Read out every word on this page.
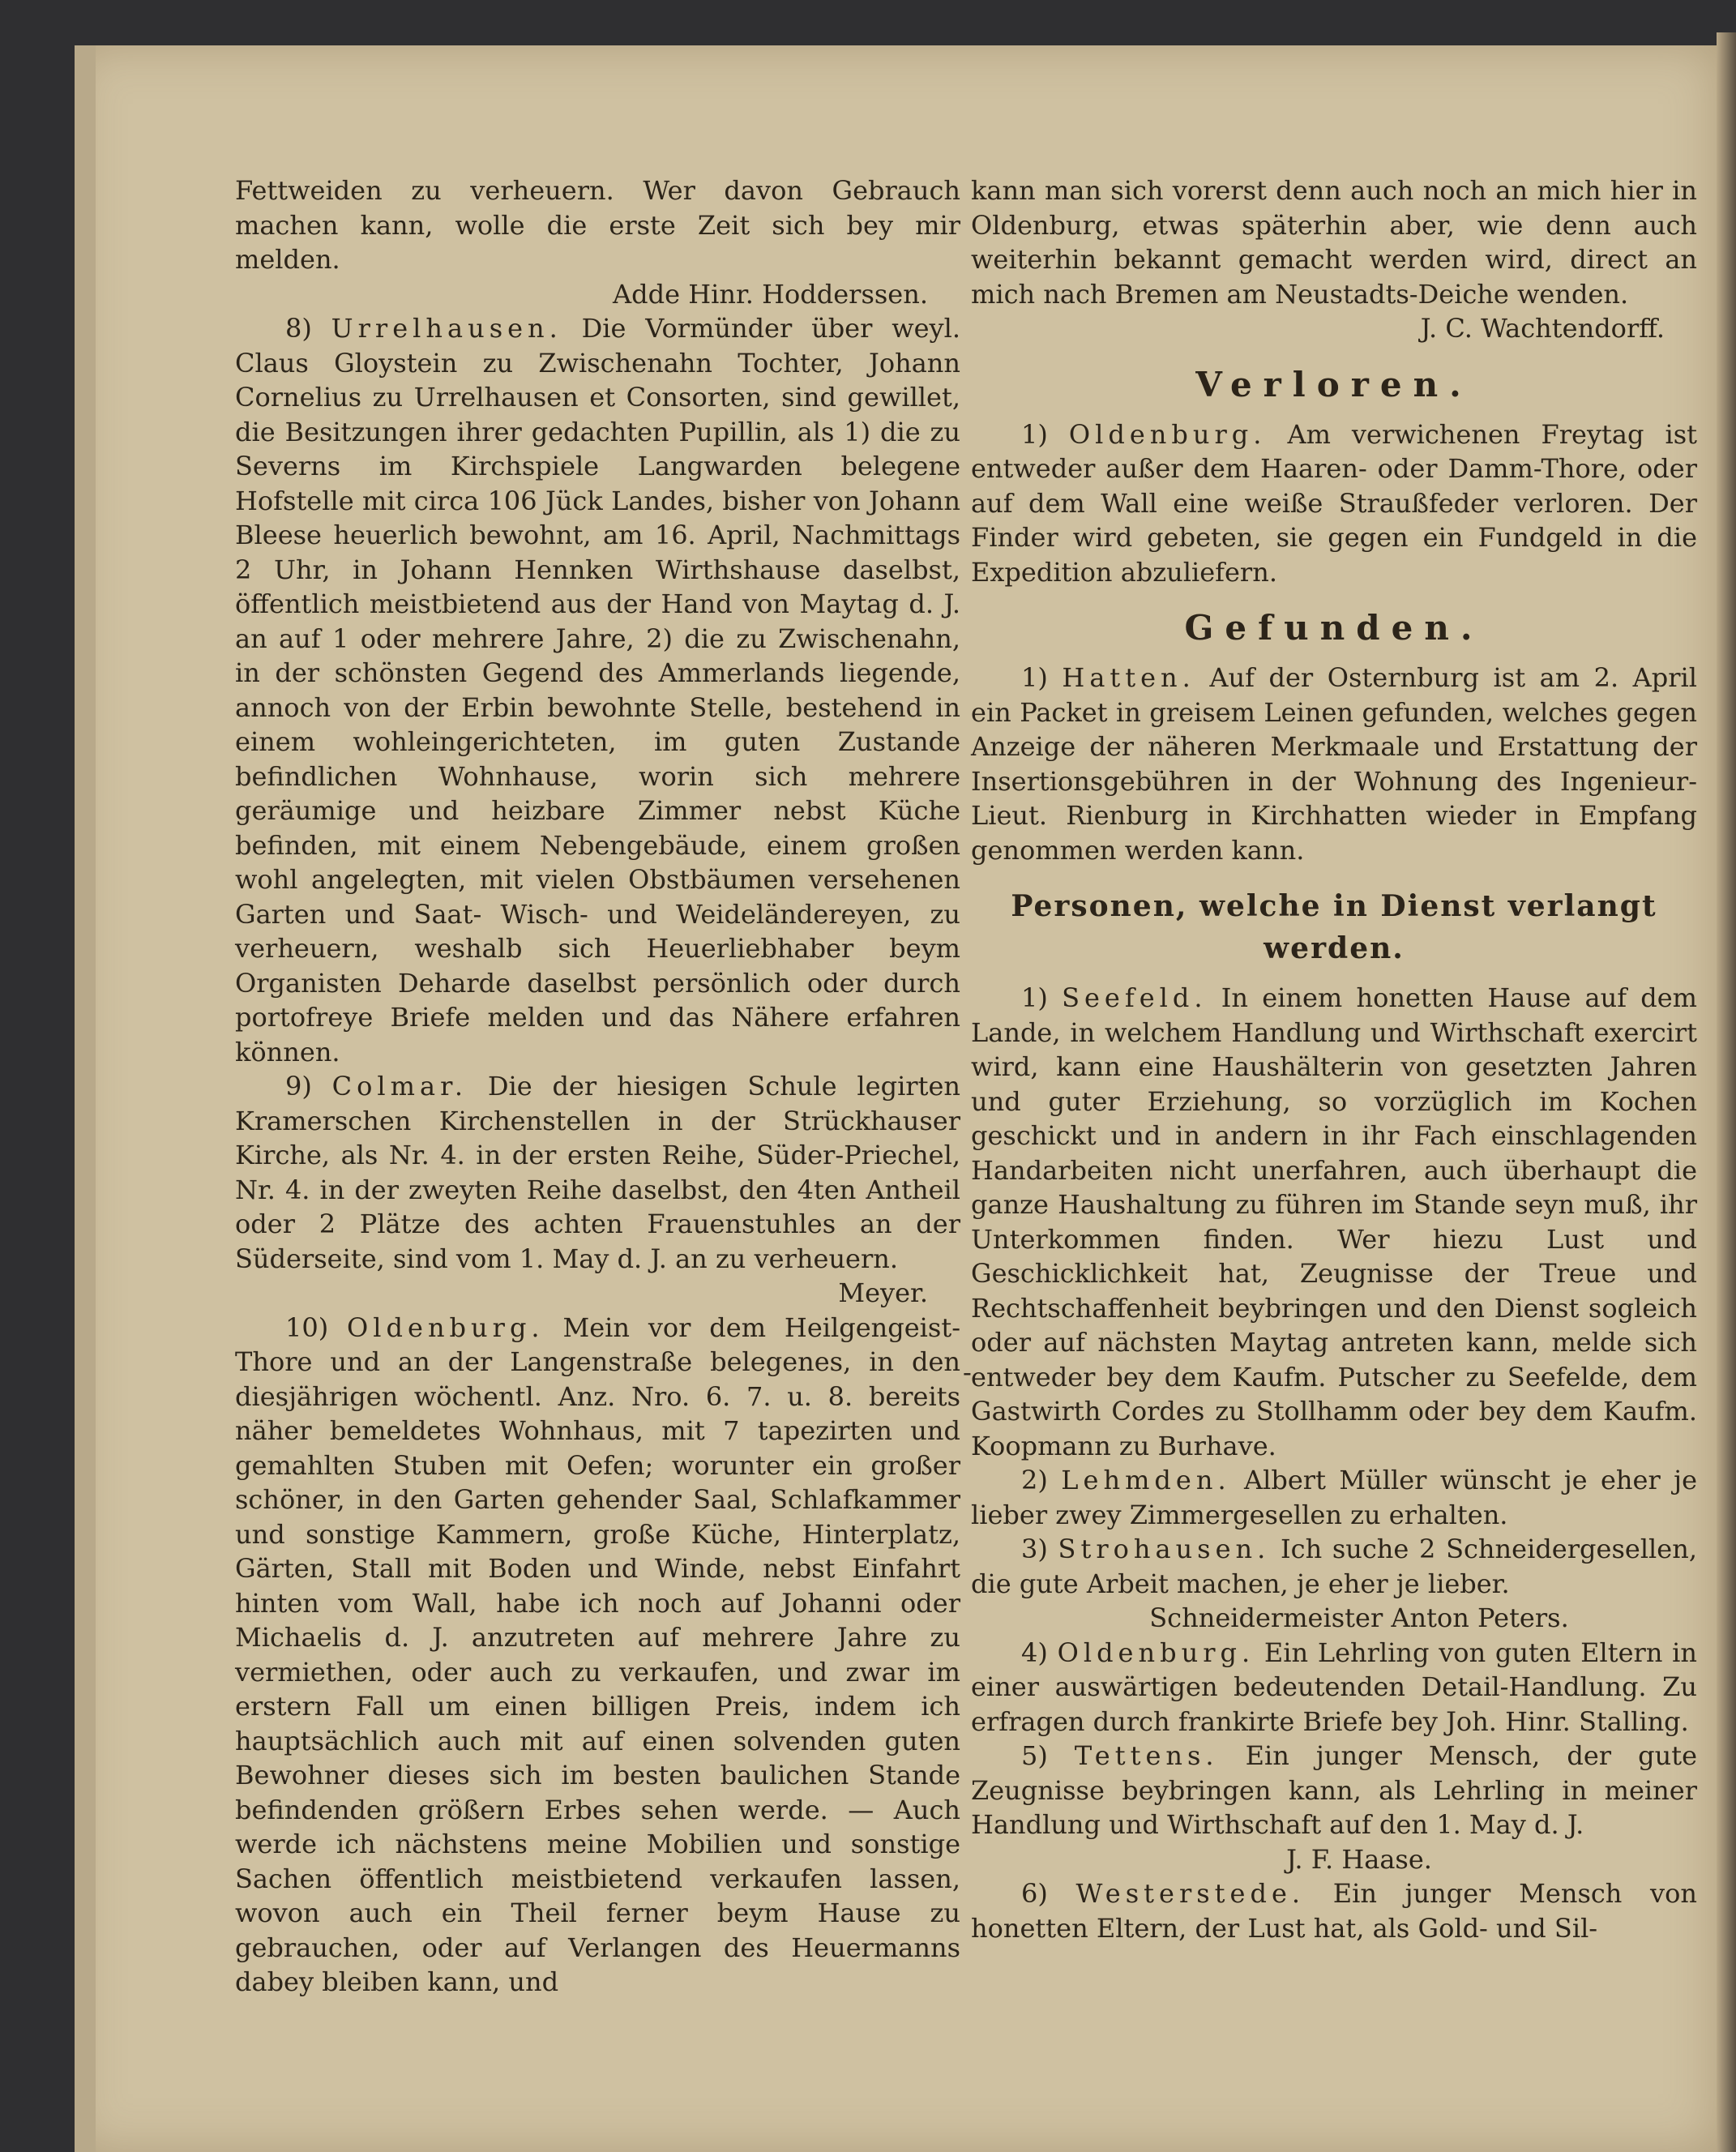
Fettweiden zu verheuern. Wer davon Gebrauch machen kann, wolle die erste Zeit sich bey mir melden.
Adde Hinr. Hodderssen.

8) Urrelhausen. Die Vormünder über weyl. Claus Gloystein zu Zwischenahn Tochter, Johann Cornelius zu Urrelhausen et Consorten, sind gewillet, die Besitzungen ihrer gedachten Pupillin, als 1) die zu Severns im Kirchspiele Langwarden belegene Hofstelle mit circa 106 Jück Landes, bisher von Johann Bleese heuerlich bewohnt, am 16. April, Nachmittags 2 Uhr, in Johann Hennken Wirthshause daselbst, öffentlich meistbietend aus der Hand von Maytag d. J. an auf 1 oder mehrere Jahre, 2) die zu Zwischenahn, in der schönsten Gegend des Ammerlands liegende, annoch von der Erbin bewohnte Stelle, bestehend in einem wohleingerichteten, im guten Zustande befindlichen Wohnhause, worin sich mehrere geräumige und heizbare Zimmer nebst Küche befinden, mit einem Nebengebäude, einem großen wohl angelegten, mit vielen Obstbäumen versehenen Garten und Saat- Wisch- und Weideländereyen, zu verheuern, weshalb sich Heuerliebhaber beym Organisten Deharde daselbst persönlich oder durch portofreye Briefe melden und das Nähere erfahren können.

9) Colmar. Die der hiesigen Schule legirten Kramerschen Kirchenstellen in der Strückhauser Kirche, als Nr. 4. in der ersten Reihe, Süder-Priechel, Nr. 4. in der zweyten Reihe daselbst, den 4ten Antheil oder 2 Plätze des achten Frauenstuhles an der Süderseite, sind vom 1. May d. J. an zu verheuern.
Meyer.

10) Oldenburg. Mein vor dem Heilgengeist-Thore und an der Langenstraße belegenes, in den diesjährigen wöchentl. Anz. Nro. 6. 7. u. 8. bereits näher bemeldetes Wohnhaus, mit 7 tapezirten und gemahlten Stuben mit Oefen; worunter ein großer schöner, in den Garten gehender Saal, Schlafkammer und sonstige Kammern, große Küche, Hinterplatz, Gärten, Stall mit Boden und Winde, nebst Einfahrt hinten vom Wall, habe ich noch auf Johanni oder Michaelis d. J. anzutreten auf mehrere Jahre zu vermiethen, oder auch zu verkaufen, und zwar im erstern Fall um einen billigen Preis, indem ich hauptsächlich auch mit auf einen solvenden guten Bewohner dieses sich im besten baulichen Stande befindenden größern Erbes sehen werde. — Auch werde ich nächstens meine Mobilien und sonstige Sachen öffentlich meistbietend verkaufen lassen, wovon auch ein Theil ferner beym Hause zu gebrauchen, oder auf Verlangen des Heuermanns dabey bleiben kann, und

-

kann man sich vorerst denn auch noch an mich hier in Oldenburg, etwas späterhin aber, wie denn auch weiterhin bekannt gemacht werden wird, direct an mich nach Bremen am Neustadts-Deiche wenden.
J. C. Wachtendorff.

Verloren.

1) Oldenburg. Am verwichenen Freytag ist entweder außer dem Haaren- oder Damm-Thore, oder auf dem Wall eine weiße Straußfeder verloren. Der Finder wird gebeten, sie gegen ein Fundgeld in die Expedition abzuliefern.

Gefunden.

1) Hatten. Auf der Osternburg ist am 2. April ein Packet in greisem Leinen gefunden, welches gegen Anzeige der näheren Merkmaale und Erstattung der Insertionsgebühren in der Wohnung des Ingenieur-Lieut. Rienburg in Kirchhatten wieder in Empfang genommen werden kann.

Personen, welche in Dienst verlangt werden.

1) Seefeld. In einem honetten Hause auf dem Lande, in welchem Handlung und Wirthschaft exercirt wird, kann eine Haushälterin von gesetzten Jahren und guter Erziehung, so vorzüglich im Kochen geschickt und in andern in ihr Fach einschlagenden Handarbeiten nicht unerfahren, auch überhaupt die ganze Haushaltung zu führen im Stande seyn muß, ihr Unterkommen finden. Wer hiezu Lust und Geschicklichkeit hat, Zeugnisse der Treue und Rechtschaffenheit beybringen und den Dienst sogleich oder auf nächsten Maytag antreten kann, melde sich entweder bey dem Kaufm. Putscher zu Seefelde, dem Gastwirth Cordes zu Stollhamm oder bey dem Kaufm. Koopmann zu Burhave.

2) Lehmden. Albert Müller wünscht je eher je lieber zwey Zimmergesellen zu erhalten.

3) Strohausen. Ich suche 2 Schneidergesellen, die gute Arbeit machen, je eher je lieber.
Schneidermeister Anton Peters.

4) Oldenburg. Ein Lehrling von guten Eltern in einer auswärtigen bedeutenden Detail-Handlung. Zu erfragen durch frankirte Briefe bey Joh. Hinr. Stalling.

5) Tettens. Ein junger Mensch, der gute Zeugnisse beybringen kann, als Lehrling in meiner Handlung und Wirthschaft auf den 1. May d. J.
J. F. Haase.

6) Westerstede. Ein junger Mensch von honetten Eltern, der Lust hat, als Gold- und Sil-
